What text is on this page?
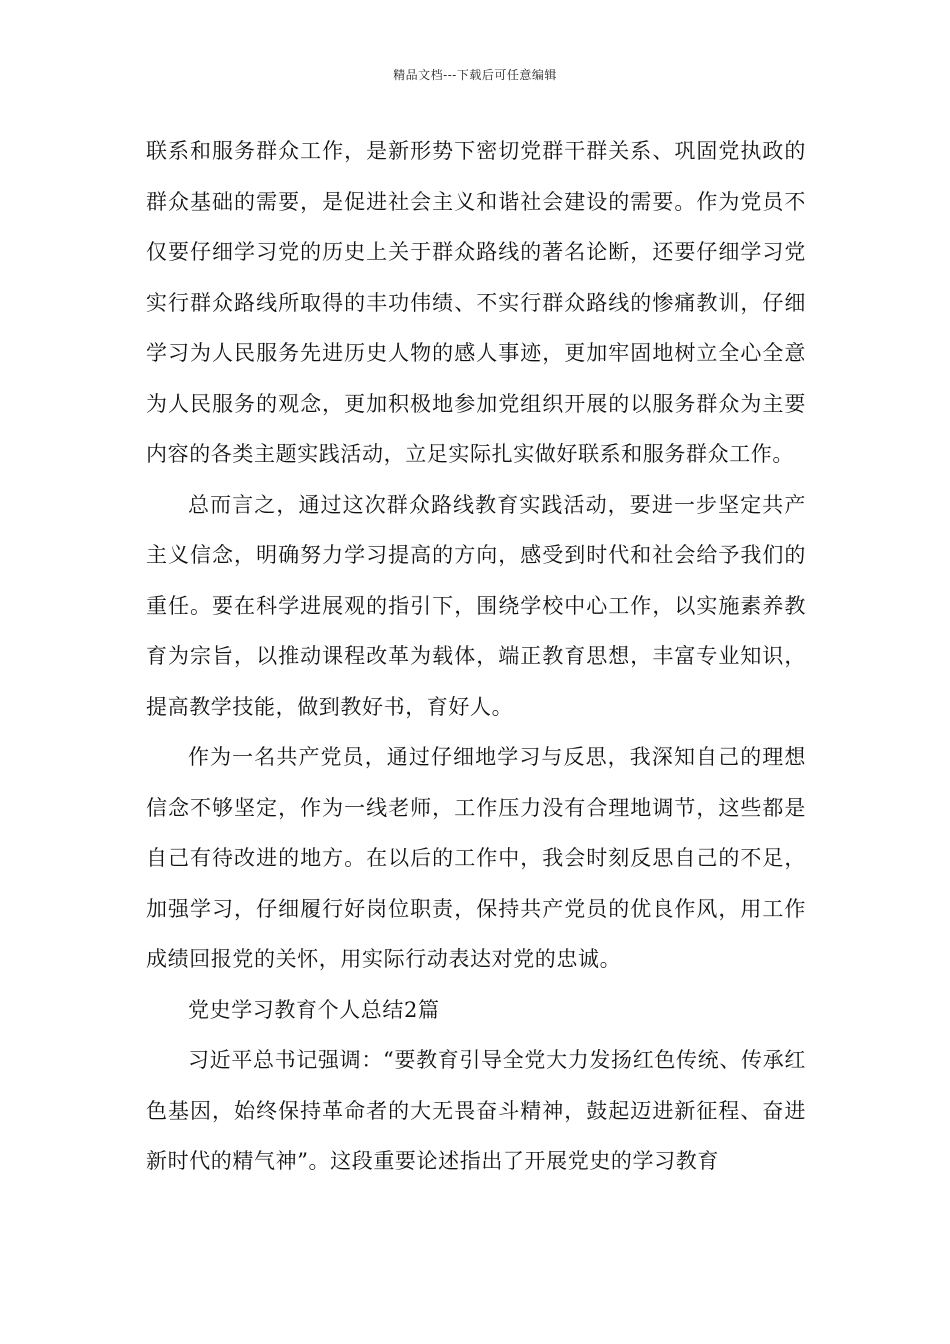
精品文档---下载后可任意编辑

联系和服务群众工作，是新形势下密切党群干群关系、巩固党执政的群众基础的需要，是促进社会主义和谐社会建设的需要。作为党员不仅要仔细学习党的历史上关于群众路线的著名论断，还要仔细学习党实行群众路线所取得的丰功伟绩、不实行群众路线的惨痛教训，仔细学习为人民服务先进历史人物的感人事迹，更加牢固地树立全心全意为人民服务的观念，更加积极地参加党组织开展的以服务群众为主要内容的各类主题实践活动，立足实际扎实做好联系和服务群众工作。

总而言之，通过这次群众路线教育实践活动，要进一步坚定共产主义信念，明确努力学习提高的方向，感受到时代和社会给予我们的重任。要在科学进展观的指引下，围绕学校中心工作，以实施素养教育为宗旨，以推动课程改革为载体，端正教育思想，丰富专业知识，提高教学技能，做到教好书，育好人。

作为一名共产党员，通过仔细地学习与反思，我深知自己的理想信念不够坚定，作为一线老师，工作压力没有合理地调节，这些都是自己有待改进的地方。在以后的工作中，我会时刻反思自己的不足，加强学习，仔细履行好岗位职责，保持共产党员的优良作风，用工作成绩回报党的关怀，用实际行动表达对党的忠诚。

党史学习教育个人总结2篇

习近平总书记强调：“要教育引导全党大力发扬红色传统、传承红色基因，始终保持革命者的大无畏奋斗精神，鼓起迈进新征程、奋进新时代的精气神”。这段重要论述指出了开展党史的学习教育
